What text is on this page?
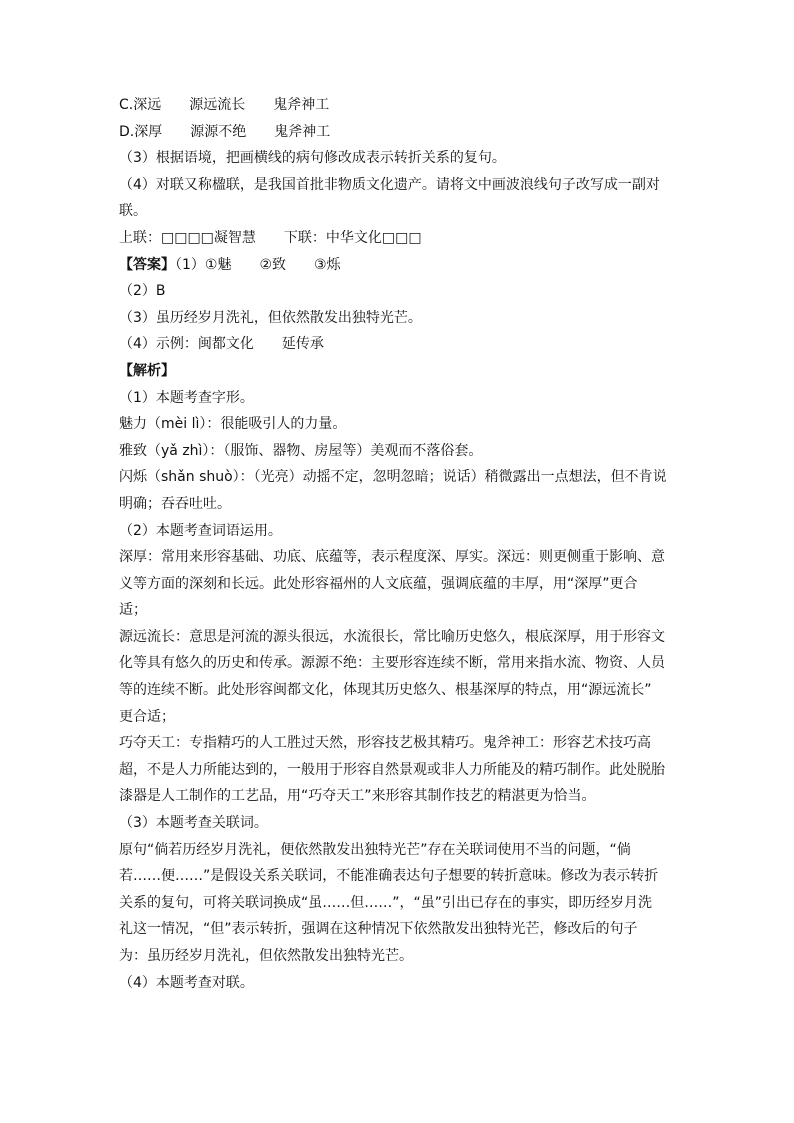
C.深远　　源远流长　　鬼斧神工
D.深厚　　源源不绝　　鬼斧神工
（3）根据语境，把画横线的病句修改成表示转折关系的复句。
（4）对联又称楹联，是我国首批非物质文化遗产。请将文中画波浪线句子改写成一副对
联。
上联：□□□□凝智慧　　下联：中华文化□□□
【答案】（1）①魅　　②致　　③烁
（2）B
（3）虽历经岁月洗礼，但依然散发出独特光芒。
（4）示例：闽都文化　　延传承
【解析】
（1）本题考查字形。
魅力（mèi lì）：很能吸引人的力量。
雅致（yǎ zhì）：（服饰、器物、房屋等）美观而不落俗套。
闪烁（shǎn shuò）：（光亮）动摇不定，忽明忽暗；说话）稍微露出一点想法，但不肯说
明确；吞吞吐吐。
（2）本题考查词语运用。
深厚：常用来形容基础、功底、底蕴等，表示程度深、厚实。深远：则更侧重于影响、意
义等方面的深刻和长远。此处形容福州的人文底蕴，强调底蕴的丰厚，用“深厚”更合
适；
源远流长：意思是河流的源头很远，水流很长，常比喻历史悠久，根底深厚，用于形容文
化等具有悠久的历史和传承。源源不绝：主要形容连续不断，常用来指水流、物资、人员
等的连续不断。此处形容闽都文化，体现其历史悠久、根基深厚的特点，用“源远流长”
更合适；
巧夺天工：专指精巧的人工胜过天然，形容技艺极其精巧。鬼斧神工：形容艺术技巧高
超，不是人力所能达到的，一般用于形容自然景观或非人力所能及的精巧制作。此处脱胎
漆器是人工制作的工艺品，用“巧夺天工”来形容其制作技艺的精湛更为恰当。
（3）本题考查关联词。
原句“倘若历经岁月洗礼，便依然散发出独特光芒”存在关联词使用不当的问题，“倘
若……便……”是假设关系关联词，不能准确表达句子想要的转折意味。修改为表示转折
关系的复句，可将关联词换成“虽……但……”，“虽”引出已存在的事实，即历经岁月洗
礼这一情况，“但”表示转折，强调在这种情况下依然散发出独特光芒，修改后的句子
为：虽历经岁月洗礼，但依然散发出独特光芒。
（4）本题考查对联。
